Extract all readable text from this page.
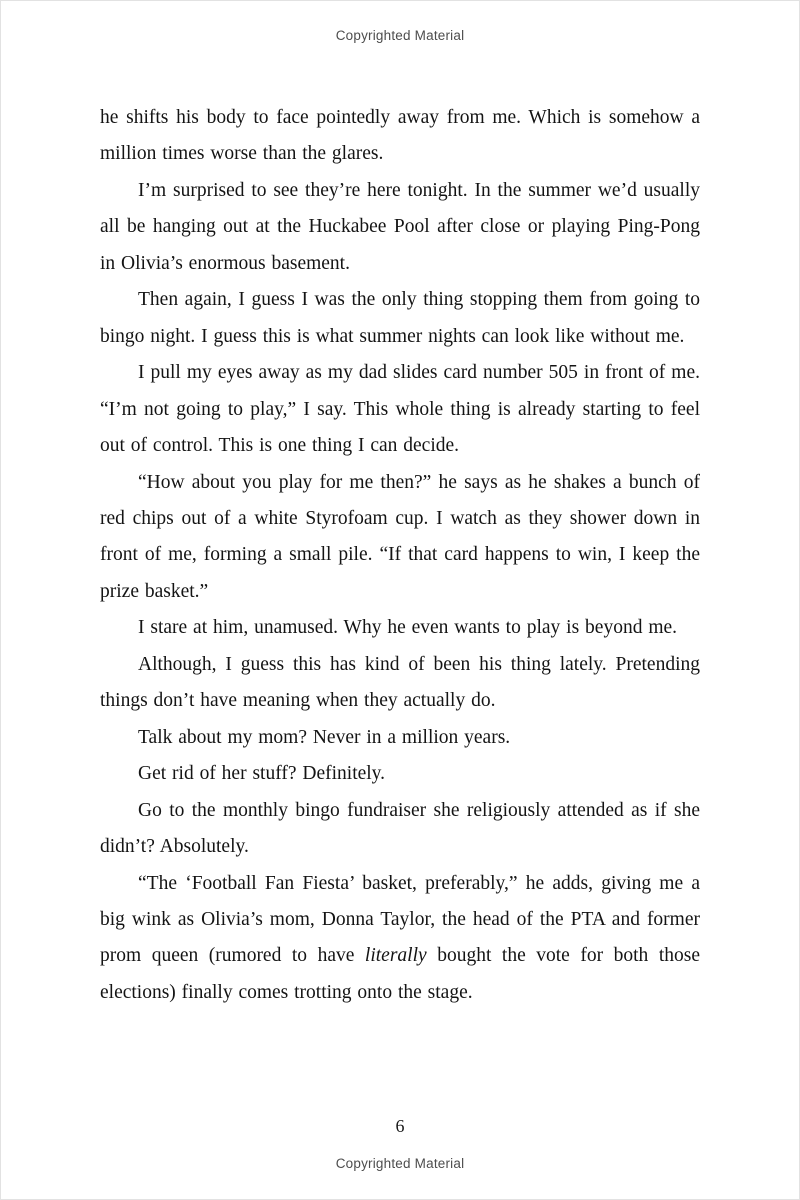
Copyrighted Material

he shifts his body to face pointedly away from me. Which is somehow a million times worse than the glares.

I’m surprised to see they’re here tonight. In the summer we’d usually all be hanging out at the Huckabee Pool after close or playing Ping-Pong in Olivia’s enormous basement.

Then again, I guess I was the only thing stopping them from going to bingo night. I guess this is what summer nights can look like without me.

I pull my eyes away as my dad slides card number 505 in front of me. “I’m not going to play,” I say. This whole thing is already starting to feel out of control. This is one thing I can decide.

“How about you play for me then?” he says as he shakes a bunch of red chips out of a white Styrofoam cup. I watch as they shower down in front of me, forming a small pile. “If that card happens to win, I keep the prize basket.”

I stare at him, unamused. Why he even wants to play is beyond me.

Although, I guess this has kind of been his thing lately. Pretending things don’t have meaning when they actually do.

Talk about my mom? Never in a million years.

Get rid of her stuff? Definitely.

Go to the monthly bingo fundraiser she religiously attended as if she didn’t? Absolutely.

“The ‘Football Fan Fiesta’ basket, preferably,” he adds, giving me a big wink as Olivia’s mom, Donna Taylor, the head of the PTA and former prom queen (rumored to have literally bought the vote for both those elections) finally comes trotting onto the stage.

6
Copyrighted Material
